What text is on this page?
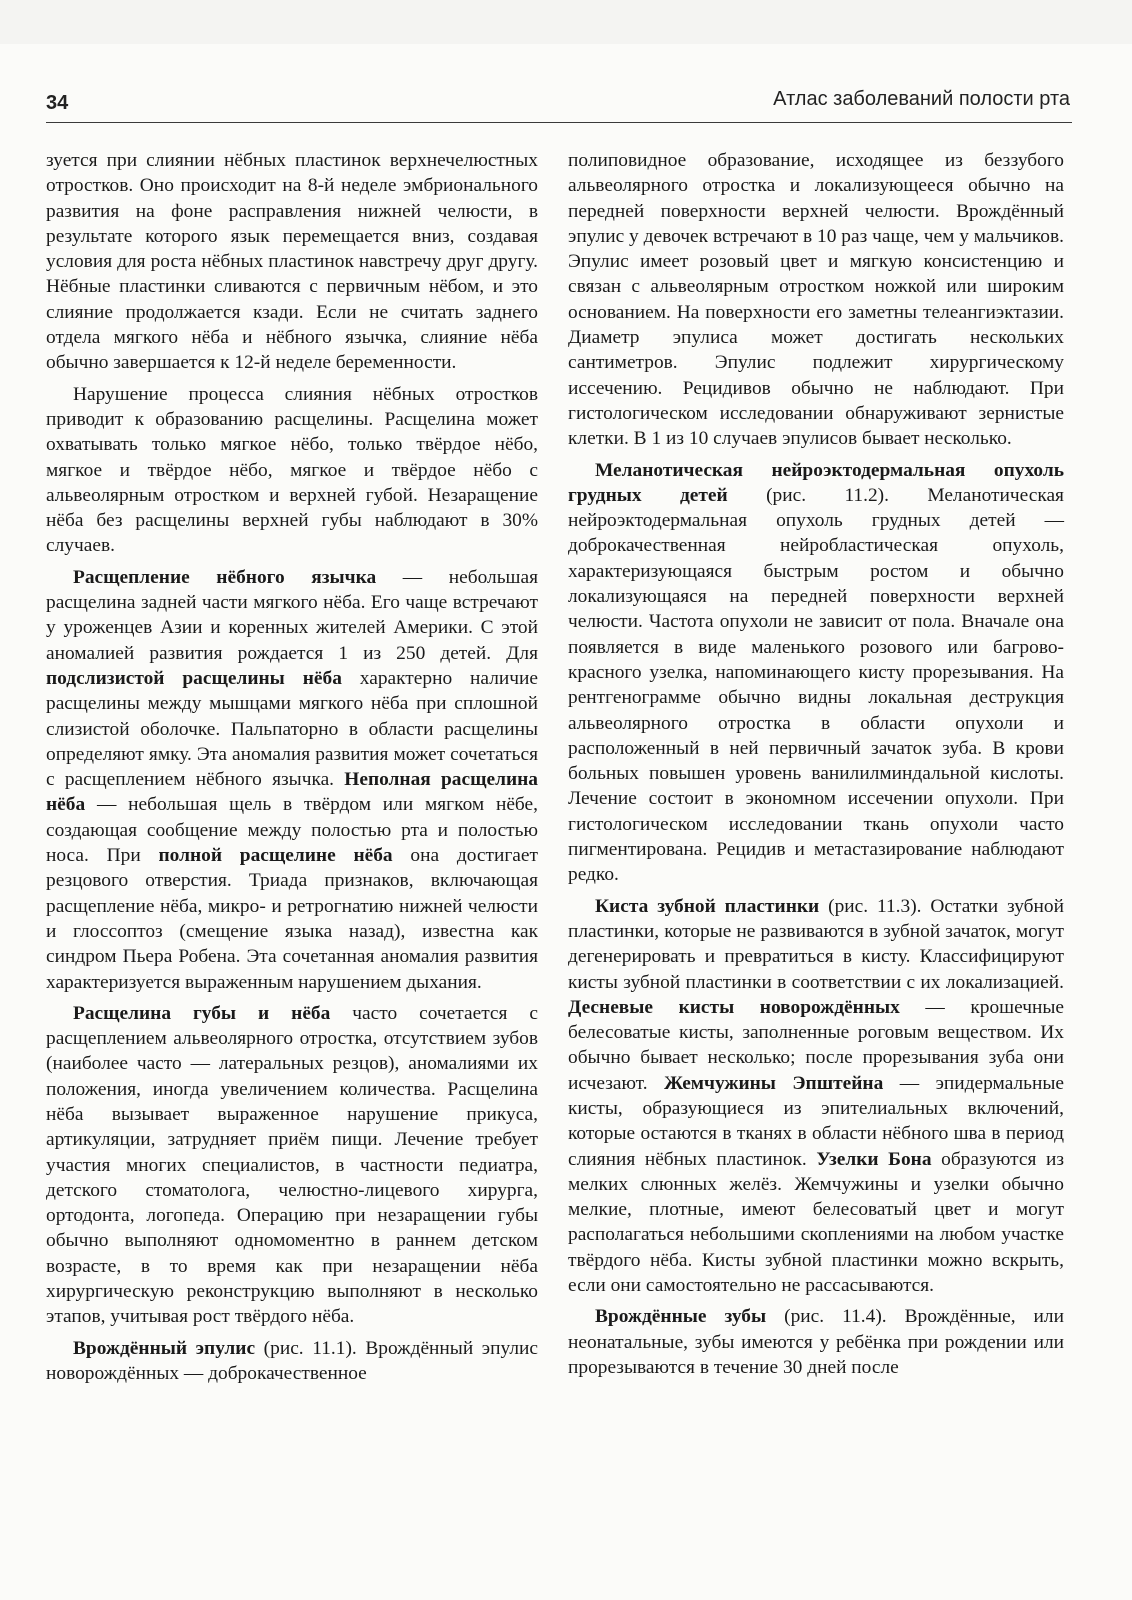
34	Атлас заболеваний полости рта

зуется при слиянии нёбных пластинок верхнечелюстных отростков. Оно происходит на 8-й неделе эмбрионального развития на фоне расправления нижней челюсти, в результате которого язык перемещается вниз, создавая условия для роста нёбных пластинок навстречу друг другу. Нёбные пластинки сливаются с первичным нёбом, и это слияние продолжается кзади. Если не считать заднего отдела мягкого нёба и нёбного язычка, слияние нёба обычно завершается к 12-й неделе беременности.

Нарушение процесса слияния нёбных отростков приводит к образованию расщелины. Расщелина может охватывать только мягкое нёбо, только твёрдое нёбо, мягкое и твёрдое нёбо, мягкое и твёрдое нёбо с альвеолярным отростком и верхней губой. Незаращение нёба без расщелины верхней губы наблюдают в 30% случаев.

Расщепление нёбного язычка — небольшая расщелина задней части мягкого нёба. Его чаще встречают у уроженцев Азии и коренных жителей Америки. С этой аномалией развития рождается 1 из 250 детей. Для подслизистой расщелины нёба характерно наличие расщелины между мышцами мягкого нёба при сплошной слизистой оболочке. Пальпаторно в области расщелины определяют ямку. Эта аномалия развития может сочетаться с расщеплением нёбного язычка. Неполная расщелина нёба — небольшая щель в твёрдом или мягком нёбе, создающая сообщение между полостью рта и полостью носа. При полной расщелине нёба она достигает резцового отверстия. Триада признаков, включающая расщепление нёба, микро- и ретрогнатию нижней челюсти и глоссоптоз (смещение языка назад), известна как синдром Пьера Робена. Эта сочетанная аномалия развития характеризуется выраженным нарушением дыхания.

Расщелина губы и нёба часто сочетается с расщеплением альвеолярного отростка, отсутствием зубов (наиболее часто — латеральных резцов), аномалиями их положения, иногда увеличением количества. Расщелина нёба вызывает выраженное нарушение прикуса, артикуляции, затрудняет приём пищи. Лечение требует участия многих специалистов, в частности педиатра, детского стоматолога, челюстно-лицевого хирурга, ортодонта, логопеда. Операцию при незаращении губы обычно выполняют одномоментно в раннем детском возрасте, в то время как при незаращении нёба хирургическую реконструкцию выполняют в несколько этапов, учитывая рост твёрдого нёба.

Врождённый эпулис (рис. 11.1). Врождённый эпулис новорождённых — доброкачественное

полиповидное образование, исходящее из беззубого альвеолярного отростка и локализующееся обычно на передней поверхности верхней челюсти. Врождённый эпулис у девочек встречают в 10 раз чаще, чем у мальчиков. Эпулис имеет розовый цвет и мягкую консистенцию и связан с альвеолярным отростком ножкой или широким основанием. На поверхности его заметны телеангиэктазии. Диаметр эпулиса может достигать нескольких сантиметров. Эпулис подлежит хирургическому иссечению. Рецидивов обычно не наблюдают. При гистологическом исследовании обнаруживают зернистые клетки. В 1 из 10 случаев эпулисов бывает несколько.

Меланотическая нейроэктодермальная опухоль грудных детей (рис. 11.2). Меланотическая нейроэктодермальная опухоль грудных детей — доброкачественная нейробластическая опухоль, характеризующаяся быстрым ростом и обычно локализующаяся на передней поверхности верхней челюсти. Частота опухоли не зависит от пола. Вначале она появляется в виде маленького розового или багрово-красного узелка, напоминающего кисту прорезывания. На рентгенограмме обычно видны локальная деструкция альвеолярного отростка в области опухоли и расположенный в ней первичный зачаток зуба. В крови больных повышен уровень ванилилминдальной кислоты. Лечение состоит в экономном иссечении опухоли. При гистологическом исследовании ткань опухоли часто пигментирована. Рецидив и метастазирование наблюдают редко.

Киста зубной пластинки (рис. 11.3). Остатки зубной пластинки, которые не развиваются в зубной зачаток, могут дегенерировать и превратиться в кисту. Классифицируют кисты зубной пластинки в соответствии с их локализацией. Десневые кисты новорождённых — крошечные белесоватые кисты, заполненные роговым веществом. Их обычно бывает несколько; после прорезывания зуба они исчезают. Жемчужины Эпштейна — эпидермальные кисты, образующиеся из эпителиальных включений, которые остаются в тканях в области нёбного шва в период слияния нёбных пластинок. Узелки Бона образуются из мелких слюнных желёз. Жемчужины и узелки обычно мелкие, плотные, имеют белесоватый цвет и могут располагаться небольшими скоплениями на любом участке твёрдого нёба. Кисты зубной пластинки можно вскрыть, если они самостоятельно не рассасываются.

Врождённые зубы (рис. 11.4). Врождённые, или неонатальные, зубы имеются у ребёнка при рождении или прорезываются в течение 30 дней после
